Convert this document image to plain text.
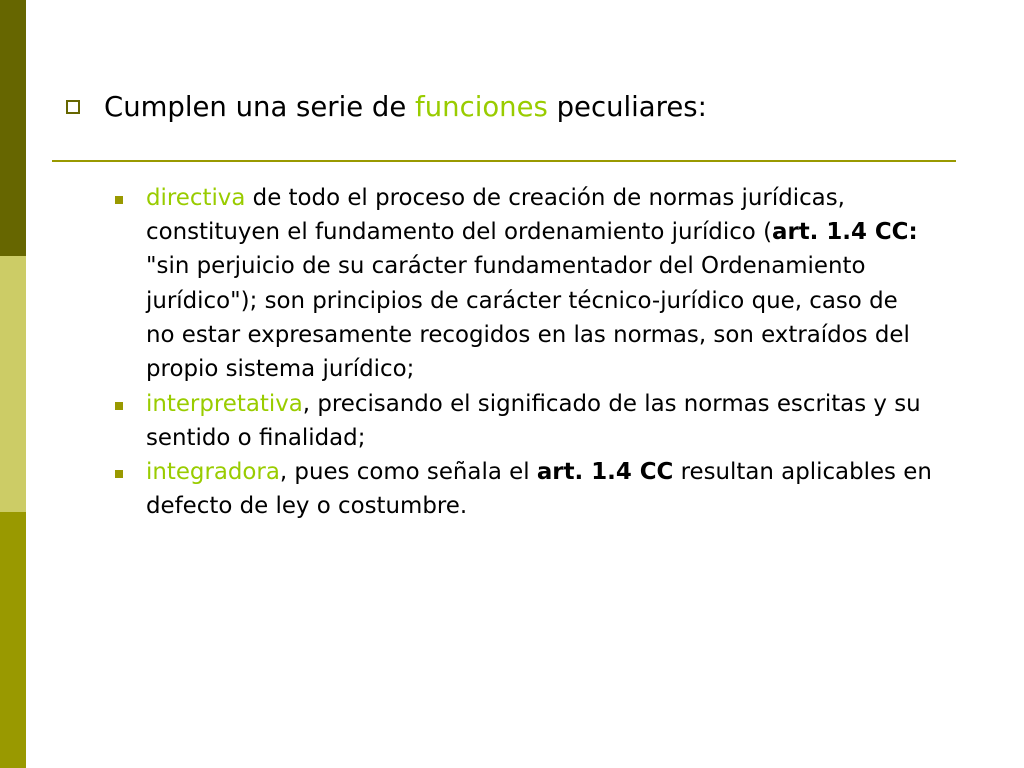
Cumplen una serie de funciones peculiares:
directiva de todo el proceso de creación de normas jurídicas, constituyen el fundamento del ordenamiento jurídico (art. 1.4 CC: "sin perjuicio de su carácter fundamentador del Ordenamiento jurídico"); son principios de carácter técnico-jurídico que, caso de no estar expresamente recogidos en las normas, son extraídos del propio sistema jurídico;
interpretativa, precisando el significado de las normas escritas y su sentido o finalidad;
integradora, pues como señala el art. 1.4 CC resultan aplicables en defecto de ley o costumbre.
